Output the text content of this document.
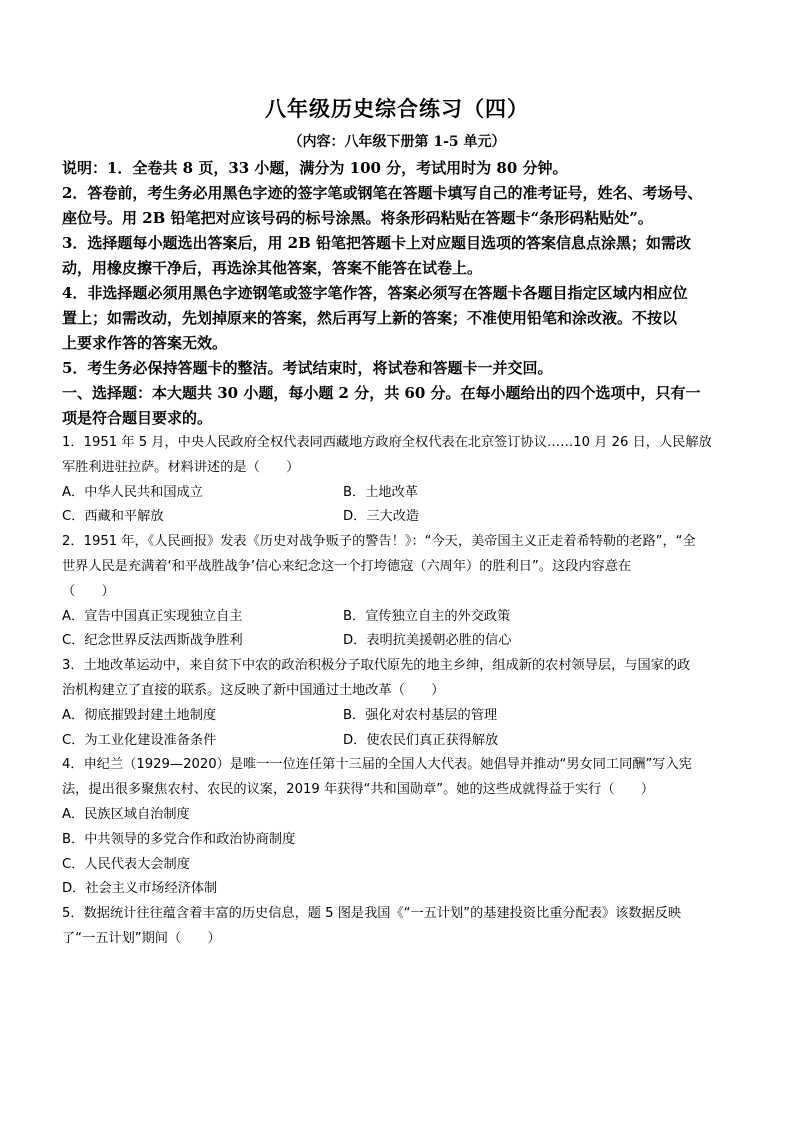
八年级历史综合练习（四）
（内容：八年级下册第 1-5 单元）
说明：1．全卷共 8 页，33 小题，满分为 100 分，考试用时为 80 分钟。
2．答卷前，考生务必用黑色字迹的签字笔或钢笔在答题卡填写自己的准考证号，姓名、考场号、
座位号。用 2B 铅笔把对应该号码的标号涂黑。将条形码粘贴在答题卡“条形码粘贴处”。
3．选择题每小题选出答案后，用 2B 铅笔把答题卡上对应题目选项的答案信息点涂黑；如需改
动，用橡皮擦干净后，再选涂其他答案，答案不能答在试卷上。
4．非选择题必须用黑色字迹钢笔或签字笔作答，答案必须写在答题卡各题目指定区域内相应位
置上；如需改动，先划掉原来的答案，然后再写上新的答案；不准使用铅笔和涂改液。不按以
上要求作答的答案无效。
5．考生务必保持答题卡的整洁。考试结束时，将试卷和答题卡一并交回。
一、选择题：本大题共 30 小题，每小题 2 分，共 60 分。在每小题给出的四个选项中，只有一
项是符合题目要求的。
1．1951 年 5 月，中央人民政府全权代表同西藏地方政府全权代表在北京签订协议……10 月 26 日，人民解放
军胜利进驻拉萨。材料讲述的是（　　）
A．中华人民共和国成立	B．土地改革
C．西藏和平解放	D．三大改造
2．1951 年，《人民画报》发表《历史对战争贩子的警告！》：“今天，美帝国主义正走着希特勒的老路”，“全
世界人民是充满着‘和平战胜战争’信心来纪念这一个打垮德寇（六周年）的胜利日”。这段内容意在
（　　）
A．宣告中国真正实现独立自主	B．宣传独立自主的外交政策
C．纪念世界反法西斯战争胜利	D．表明抗美援朝必胜的信心
3．土地改革运动中，来自贫下中农的政治积极分子取代原先的地主乡绅，组成新的农村领导层，与国家的政
治机构建立了直接的联系。这反映了新中国通过土地改革（　　）
A．彻底摧毁封建土地制度	B．强化对农村基层的管理
C．为工业化建设准备条件	D．使农民们真正获得解放
4．申纪兰（1929—2020）是唯一一位连任第十三届的全国人大代表。她倡导并推动“男女同工同酬”写入宪
法，提出很多聚焦农村、农民的议案，2019 年获得“共和国勋章”。她的这些成就得益于实行（　　）
A．民族区域自治制度
B．中共领导的多党合作和政治协商制度
C．人民代表大会制度
D．社会主义市场经济体制
5．数据统计往往蕴含着丰富的历史信息，题 5 图是我国《“一五计划”的基建投资比重分配表》该数据反映
了“一五计划”期间（　　）
